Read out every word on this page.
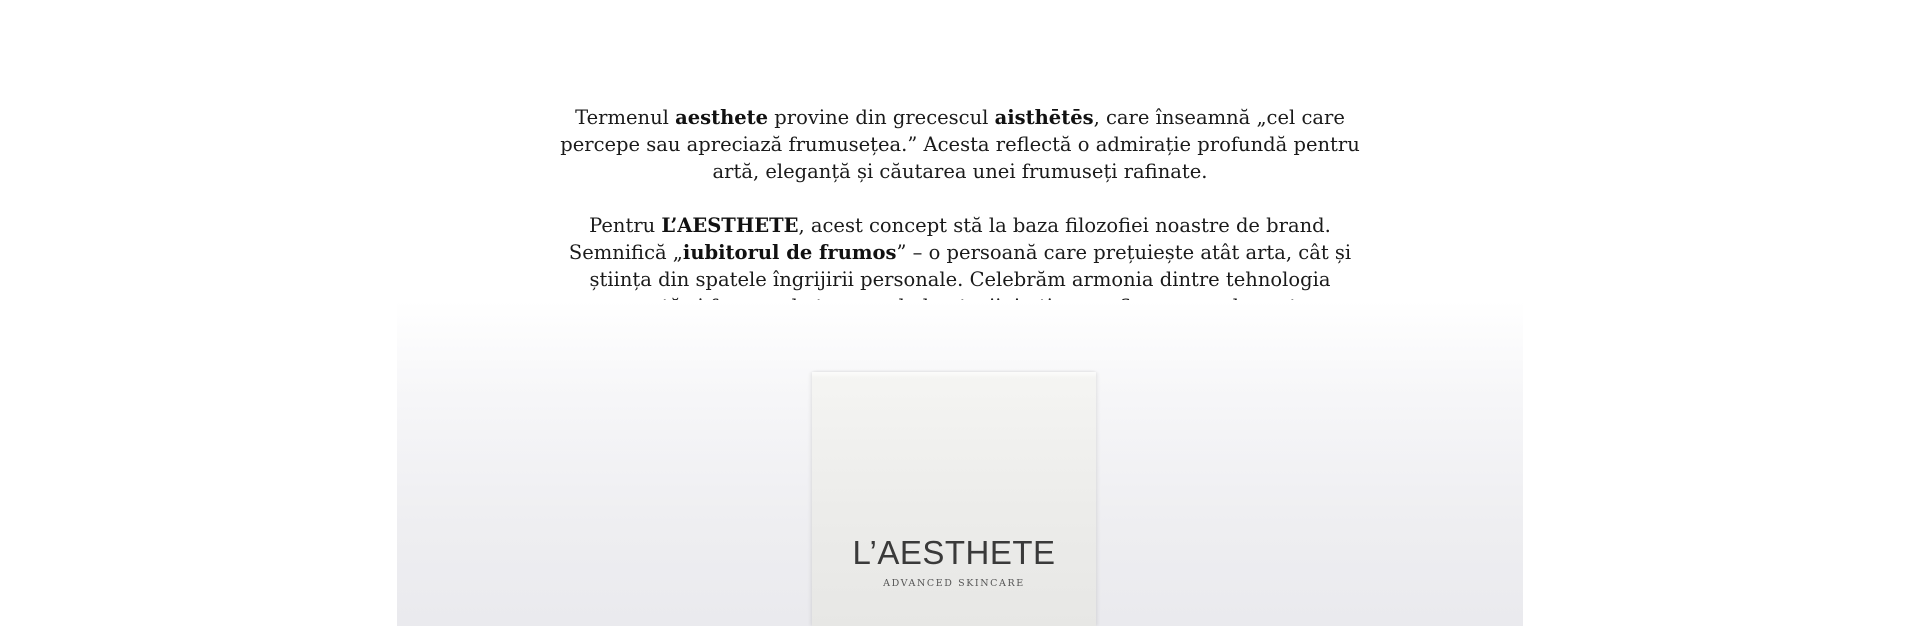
Termenul aesthete provine din grecescul aisthētēs, care înseamnă „cel care percepe sau apreciază frumusețea.” Acesta reflectă o admirație profundă pentru artă, eleganță și căutarea unei frumuseți rafinate.

Pentru L’AESTHETE, acest concept stă la baza filozofiei noastre de brand. Semnifică „iubitorul de frumos” – o persoană care prețuiește atât arta, cât și știința din spatele îngrijirii personale. Celebrăm armonia dintre tehnologia

L’AESTHETE
ADVANCED SKINCARE
